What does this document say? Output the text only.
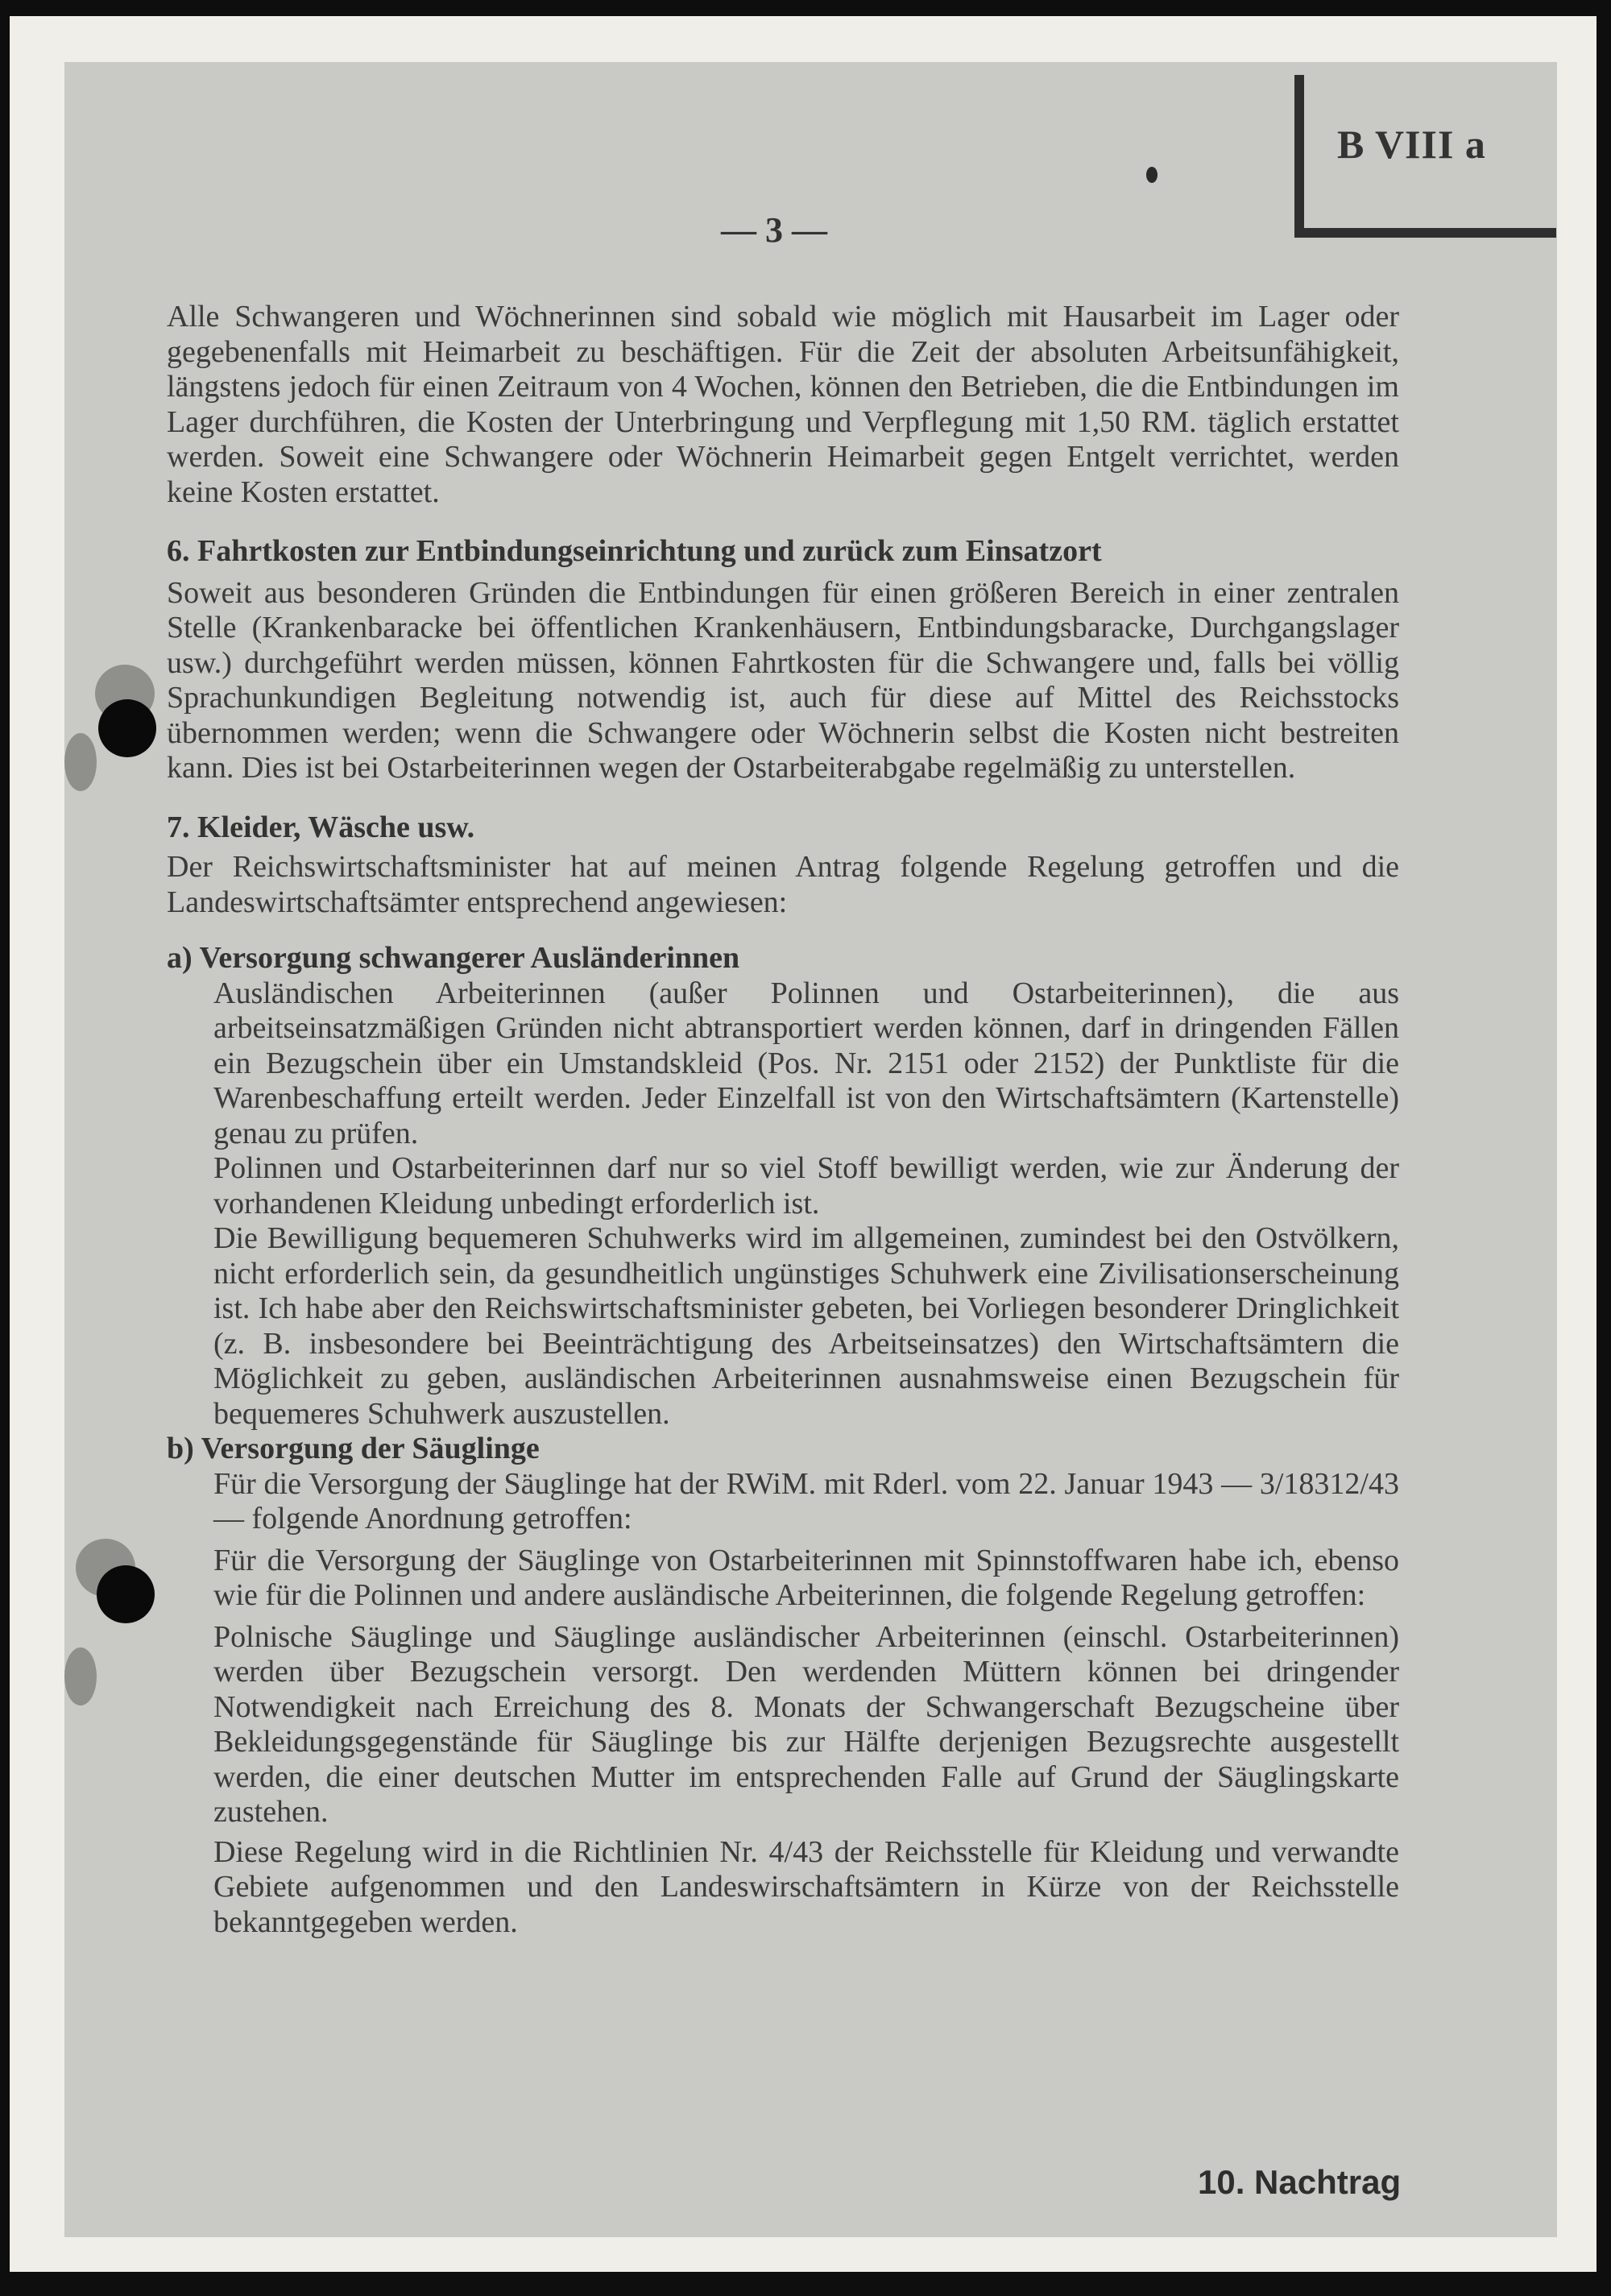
B VIII a
— 3 —

Alle Schwangeren und Wöchnerinnen sind sobald wie möglich mit Hausarbeit im Lager oder gegebenenfalls mit Heimarbeit zu beschäftigen. Für die Zeit der absoluten Arbeitsunfähigkeit, längstens jedoch für einen Zeitraum von 4 Wochen, können den Betrieben, die die Entbindungen im Lager durchführen, die Kosten der Unterbringung und Verpflegung mit 1,50 RM. täglich erstattet werden. Soweit eine Schwangere oder Wöchnerin Heimarbeit gegen Entgelt verrichtet, werden keine Kosten erstattet.

6. Fahrtkosten zur Entbindungseinrichtung und zurück zum Einsatzort

Soweit aus besonderen Gründen die Entbindungen für einen größeren Bereich in einer zentralen Stelle (Krankenbaracke bei öffentlichen Krankenhäusern, Entbindungsbaracke, Durchgangslager usw.) durchgeführt werden müssen, können Fahrtkosten für die Schwangere und, falls bei völlig Sprachunkundigen Begleitung notwendig ist, auch für diese auf Mittel des Reichsstocks übernommen werden; wenn die Schwangere oder Wöchnerin selbst die Kosten nicht bestreiten kann. Dies ist bei Ostarbeiterinnen wegen der Ostarbeiterabgabe regelmäßig zu unterstellen.

7. Kleider, Wäsche usw.

Der Reichswirtschaftsminister hat auf meinen Antrag folgende Regelung getroffen und die Landeswirtschaftsämter entsprechend angewiesen:

a) Versorgung schwangerer Ausländerinnen

Ausländischen Arbeiterinnen (außer Polinnen und Ostarbeiterinnen), die aus arbeitseinsatzmäßigen Gründen nicht abtransportiert werden können, darf in dringenden Fällen ein Bezugschein über ein Umstandskleid (Pos. Nr. 2151 oder 2152) der Punktliste für die Warenbeschaffung erteilt werden. Jeder Einzelfall ist von den Wirtschaftsämtern (Kartenstelle) genau zu prüfen.

Polinnen und Ostarbeiterinnen darf nur so viel Stoff bewilligt werden, wie zur Änderung der vorhandenen Kleidung unbedingt erforderlich ist.

Die Bewilligung bequemeren Schuhwerks wird im allgemeinen, zumindest bei den Ostvölkern, nicht erforderlich sein, da gesundheitlich ungünstiges Schuhwerk eine Zivilisationserscheinung ist. Ich habe aber den Reichswirtschaftsminister gebeten, bei Vorliegen besonderer Dringlichkeit (z. B. insbesondere bei Beeinträchtigung des Arbeitseinsatzes) den Wirtschaftsämtern die Möglichkeit zu geben, ausländischen Arbeiterinnen ausnahmsweise einen Bezugschein für bequemeres Schuhwerk auszustellen.

b) Versorgung der Säuglinge

Für die Versorgung der Säuglinge hat der RWiM. mit Rderl. vom 22. Januar 1943 — 3/18312/43 — folgende Anordnung getroffen:

Für die Versorgung der Säuglinge von Ostarbeiterinnen mit Spinnstoffwaren habe ich, ebenso wie für die Polinnen und andere ausländische Arbeiterinnen, die folgende Regelung getroffen:

Polnische Säuglinge und Säuglinge ausländischer Arbeiterinnen (einschl. Ostarbeiterinnen) werden über Bezugschein versorgt. Den werdenden Müttern können bei dringender Notwendigkeit nach Erreichung des 8. Monats der Schwangerschaft Bezugscheine über Bekleidungsgegenstände für Säuglinge bis zur Hälfte derjenigen Bezugsrechte ausgestellt werden, die einer deutschen Mutter im entsprechenden Falle auf Grund der Säuglingskarte zustehen.

Diese Regelung wird in die Richtlinien Nr. 4/43 der Reichsstelle für Kleidung und verwandte Gebiete aufgenommen und den Landeswirschaftsämtern in Kürze von der Reichsstelle bekanntgegeben werden.

10. Nachtrag
